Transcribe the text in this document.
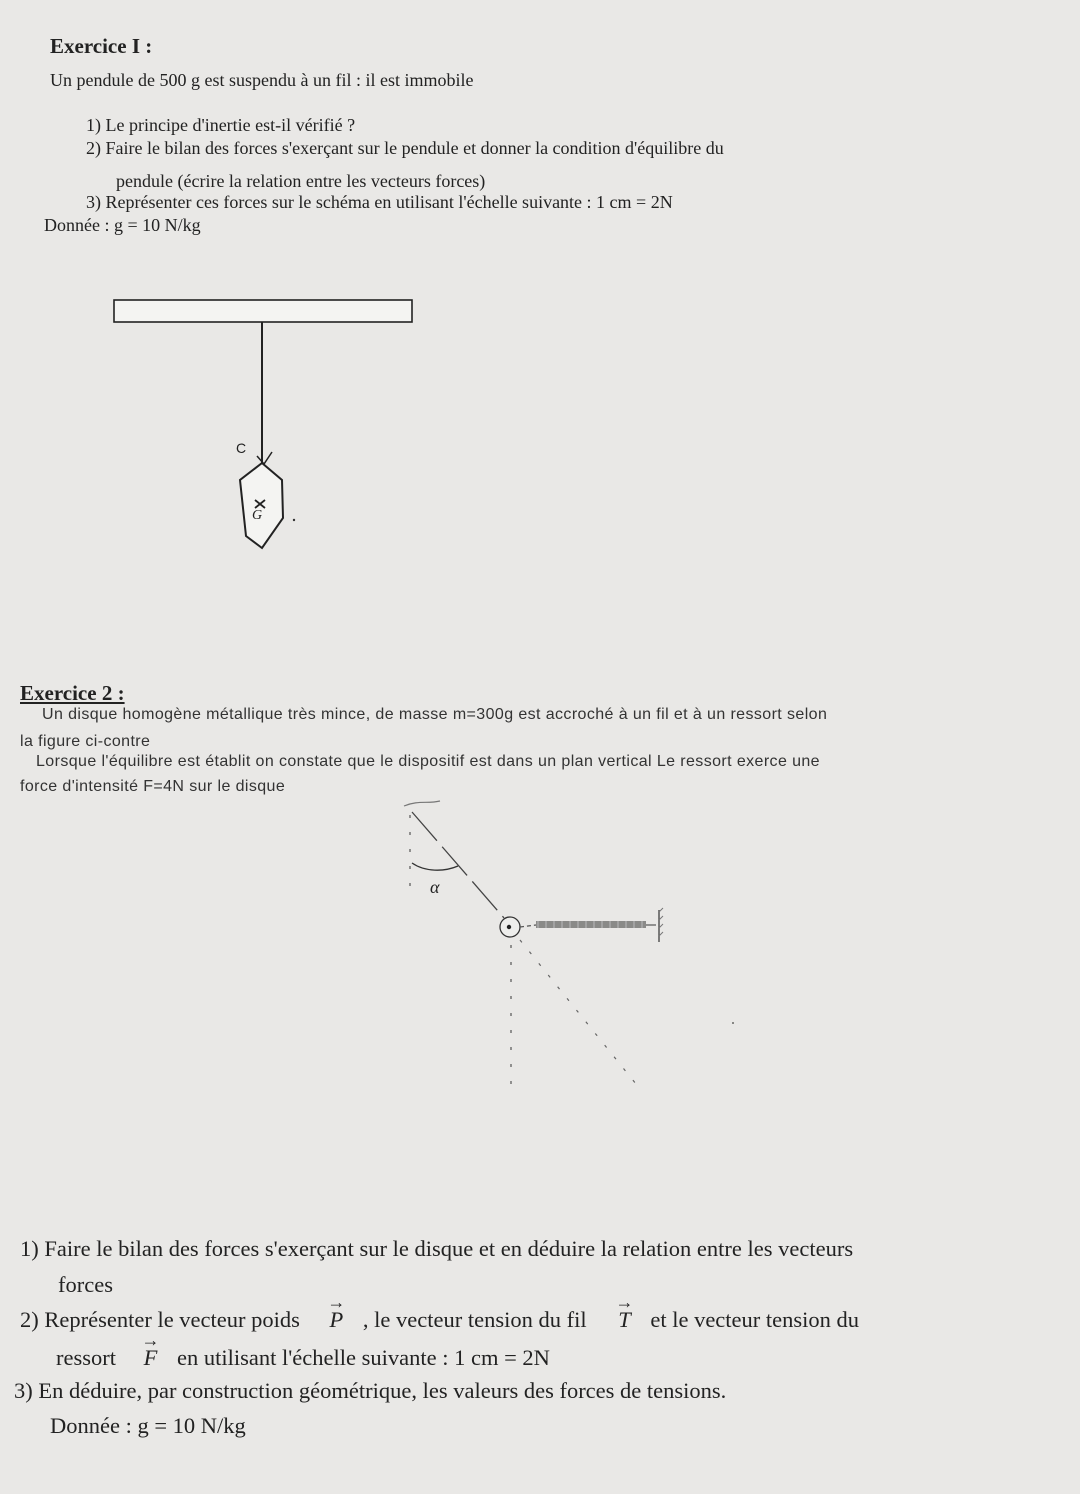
Exercice I :
Un pendule de 500 g est suspendu à un fil : il est immobile
1) Le principe d'inertie est-il vérifié ?
2) Faire le bilan des forces s'exerçant sur le pendule et donner la condition d'équilibre du
pendule (écrire la relation entre les vecteurs forces)
3) Représenter ces forces sur le schéma en utilisant l'échelle suivante : 1 cm = 2N
Donnée : g = 10 N/kg
C
G
Exercice 2 :
Un disque homogène métallique très mince, de masse m=300g est accroché à un fil et à un ressort selon
la figure ci-contre
Lorsque l'équilibre est établit on constate que le dispositif est dans un plan vertical Le ressort exerce une
force d'intensité F=4N sur le disque
α
1) Faire le bilan des forces s'exerçant sur le disque et en déduire la relation entre les vecteurs
forces
2) Représenter le vecteur poids → P , le vecteur tension du fil → T et le vecteur tension du
ressort → F en utilisant l'échelle suivante : 1 cm = 2N
3) En déduire, par construction géométrique, les valeurs des forces de tensions.
Donnée : g = 10 N/kg
